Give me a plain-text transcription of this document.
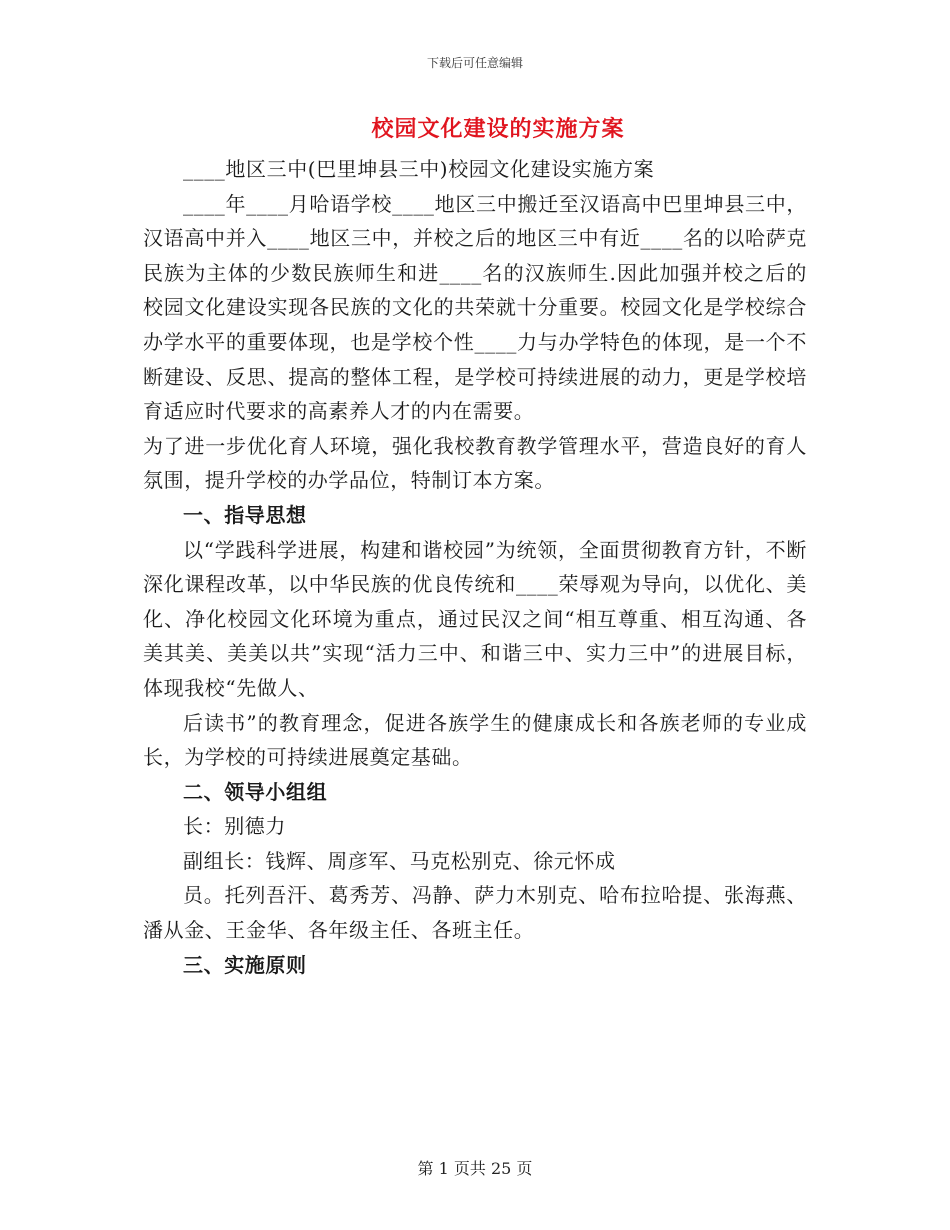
下载后可任意编辑
校园文化建设的实施方案

____地区三中(巴里坤县三中)校园文化建设实施方案

____年____月哈语学校____地区三中搬迁至汉语高中巴里坤县三中，汉语高中并入____地区三中，并校之后的地区三中有近____名的以哈萨克民族为主体的少数民族师生和进____名的汉族师生.因此加强并校之后的校园文化建设实现各民族的文化的共荣就十分重要。校园文化是学校综合办学水平的重要体现，也是学校个性____力与办学特色的体现，是一个不断建设、反思、提高的整体工程，是学校可持续进展的动力，更是学校培育适应时代要求的高素养人才的内在需要。

为了进一步优化育人环境，强化我校教育教学管理水平，营造良好的育人氛围，提升学校的办学品位，特制订本方案。

一、指导思想

以“学践科学进展，构建和谐校园”为统领，全面贯彻教育方针，不断深化课程改革，以中华民族的优良传统和____荣辱观为导向，以优化、美化、净化校园文化环境为重点，通过民汉之间“相互尊重、相互沟通、各美其美、美美以共”实现“活力三中、和谐三中、实力三中”的进展目标，体现我校“先做人、

后读书”的教育理念，促进各族学生的健康成长和各族老师的专业成长，为学校的可持续进展奠定基础。

二、领导小组组

长：别德力

副组长：钱辉、周彦军、马克松别克、徐元怀成

员。托列吾汗、葛秀芳、冯静、萨力木别克、哈布拉哈提、张海燕、潘从金、王金华、各年级主任、各班主任。

三、实施原则
第 1 页共 25 页
